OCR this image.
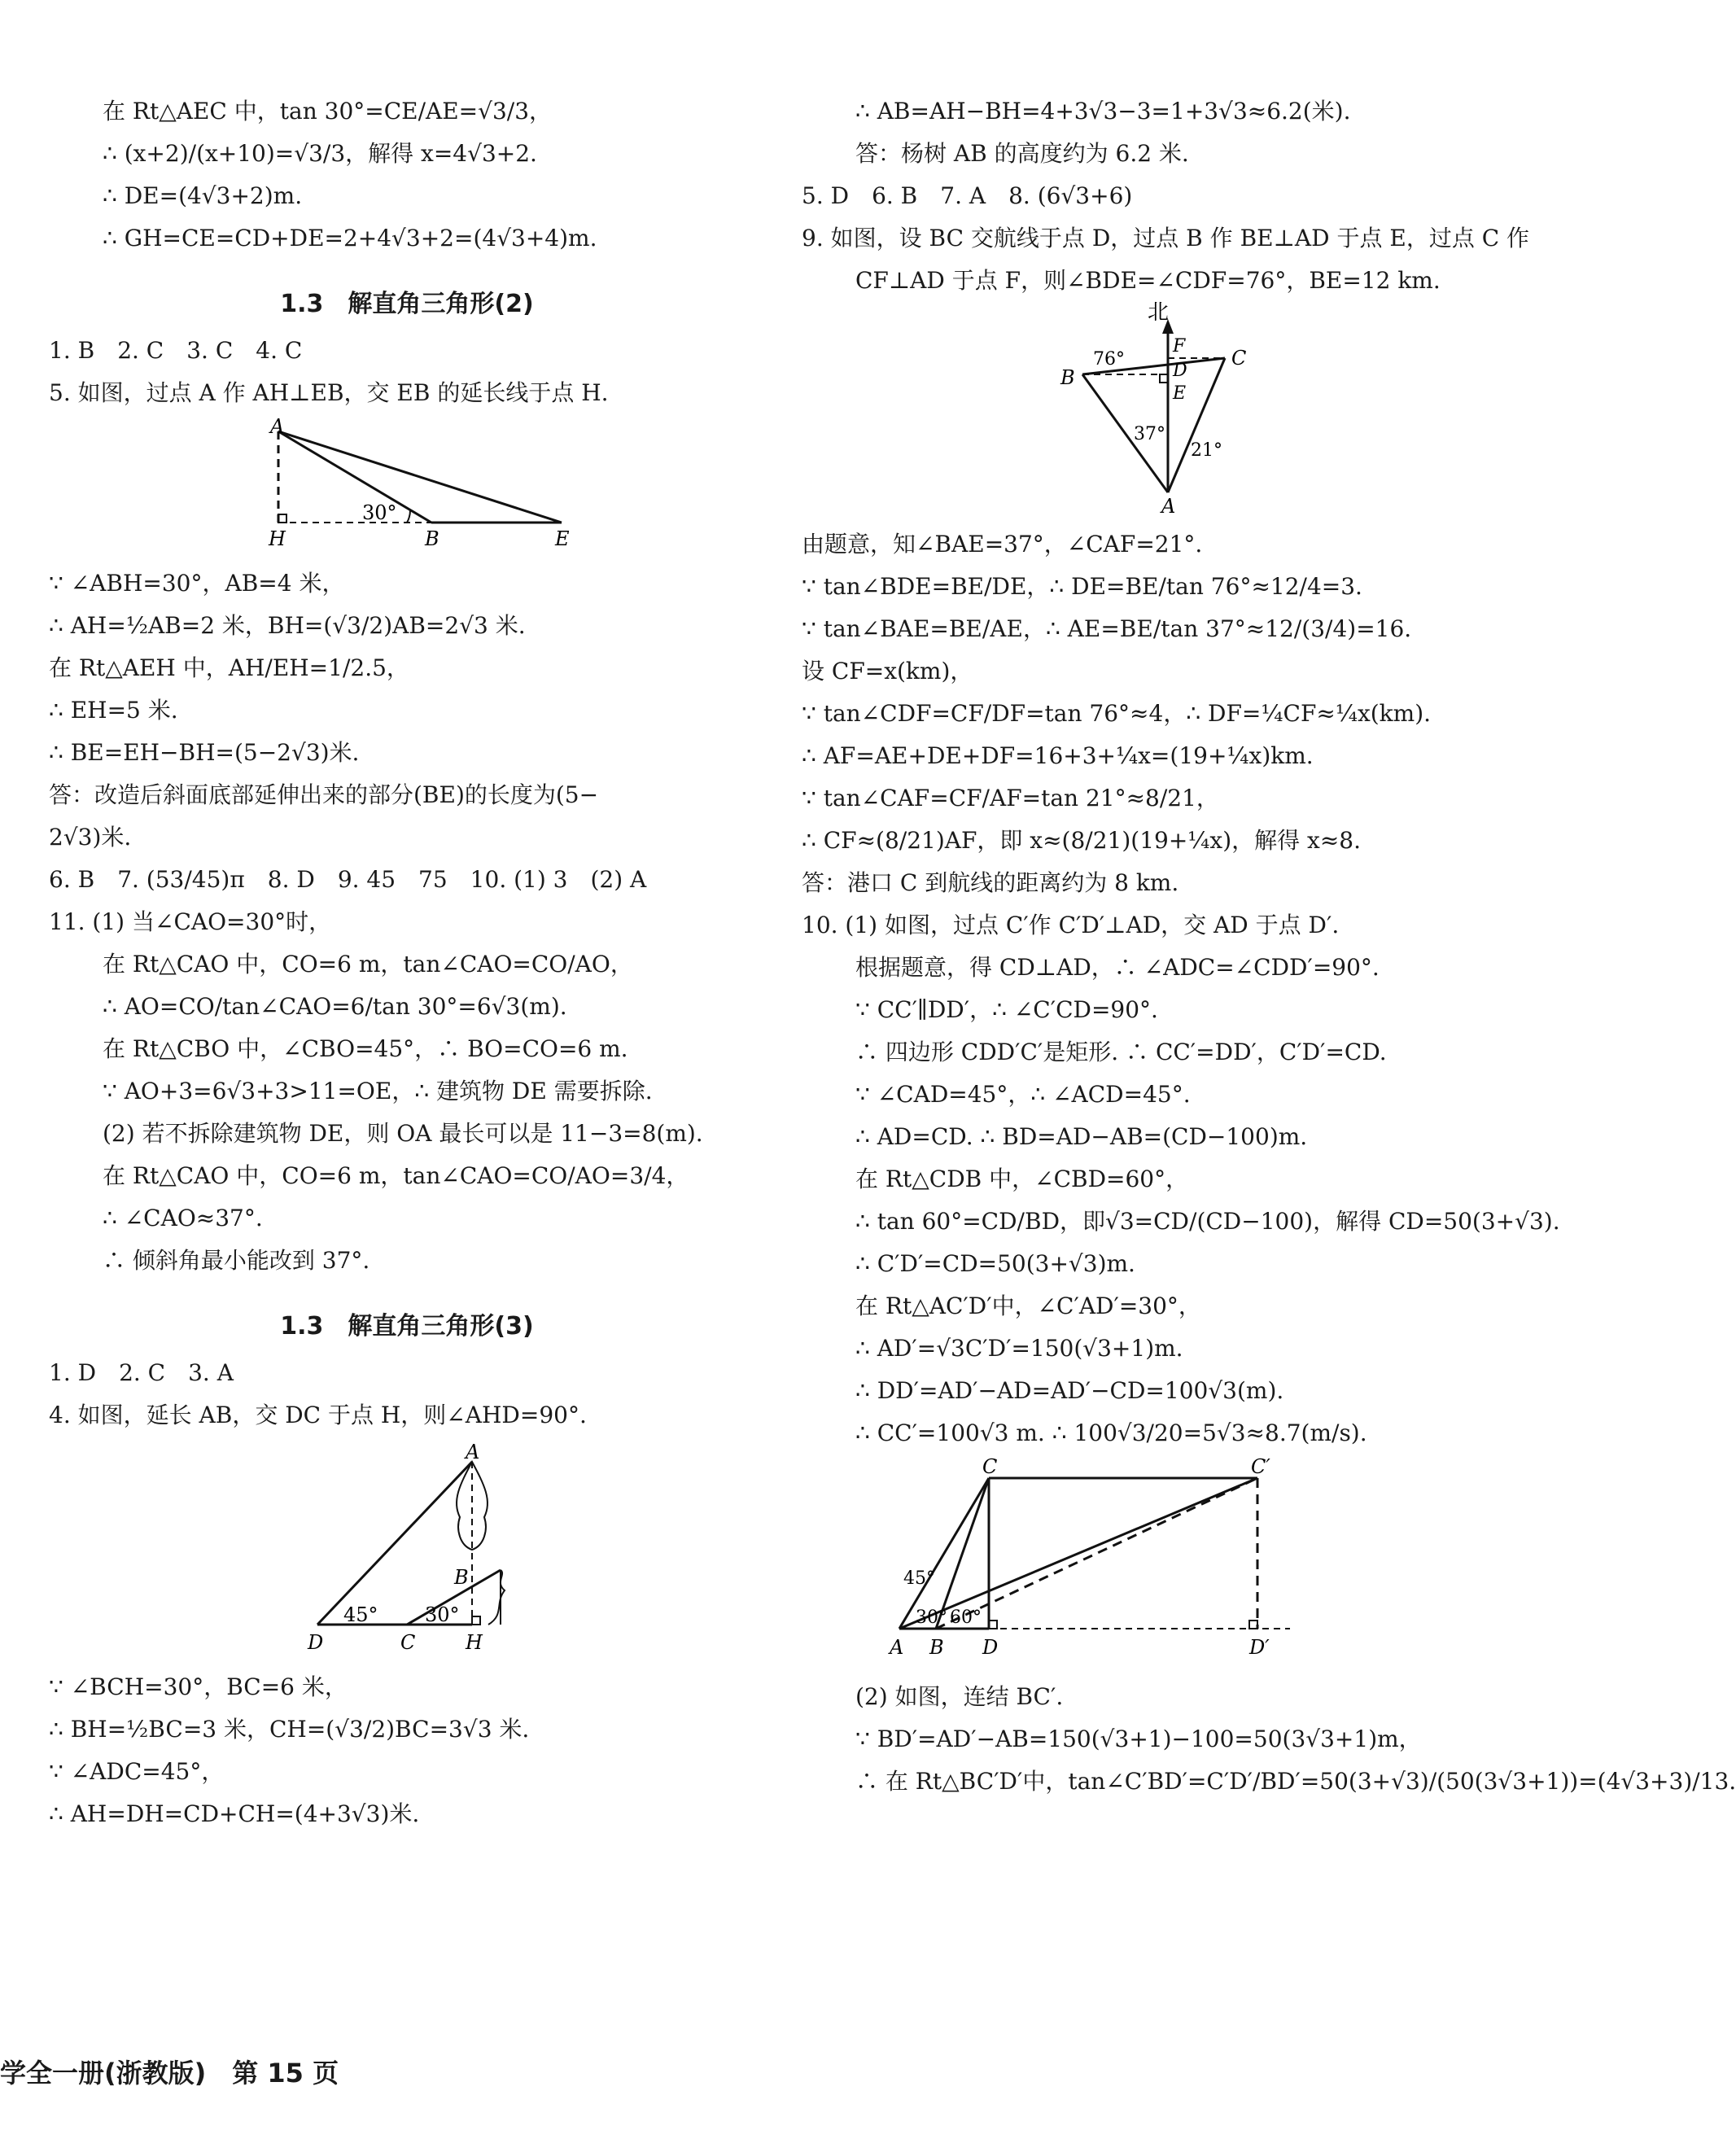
在 Rt△AEC 中，tan 30°=CE/AE=√3/3，

∴ (x+2)/(x+10)=√3/3，解得 x=4√3+2.

∴ DE=(4√3+2)m.

∴ GH=CE=CD+DE=2+4√3+2=(4√3+4)m.

1.3　解直角三角形(2)

1. B　2. C　3. C　4. C

5. 如图，过点 A 作 AH⊥EB，交 EB 的延长线于点 H.

A
H	B	E
30°

∵ ∠ABH=30°，AB=4 米，

∴ AH=½AB=2 米，BH=(√3/2)AB=2√3 米.

在 Rt△AEH 中，AH/EH=1/2.5，

∴ EH=5 米.

∴ BE=EH−BH=(5−2√3)米.

答：改造后斜面底部延伸出来的部分(BE)的长度为(5−

2√3)米.

6. B　7. (53/45)π　8. D　9. 45　75　10. (1) 3　(2) A

11. (1) 当∠CAO=30°时，

在 Rt△CAO 中，CO=6 m，tan∠CAO=CO/AO，

∴ AO=CO/tan∠CAO=6/tan 30°=6√3(m).

在 Rt△CBO 中，∠CBO=45°，∴ BO=CO=6 m.

∵ AO+3=6√3+3>11=OE，∴ 建筑物 DE 需要拆除.

(2) 若不拆除建筑物 DE，则 OA 最长可以是 11−3=8(m).

在 Rt△CAO 中，CO=6 m，tan∠CAO=CO/AO=3/4，

∴ ∠CAO≈37°.

∴ 倾斜角最小能改到 37°.

1.3　解直角三角形(3)

1. D　2. C　3. A

4. 如图，延长 AB，交 DC 于点 H，则∠AHD=90°.

A
B
D	C	H
45° 30°

∵ ∠BCH=30°，BC=6 米，

∴ BH=½BC=3 米，CH=(√3/2)BC=3√3 米.

∵ ∠ADC=45°，

∴ AH=DH=CD+CH=(4+3√3)米.

∴ AB=AH−BH=4+3√3−3=1+3√3≈6.2(米).

答：杨树 AB 的高度约为 6.2 米.

5. D　6. B　7. A　8. (6√3+6)

9. 如图，设 BC 交航线于点 D，过点 B 作 BE⊥AD 于点 E，过点 C 作

CF⊥AD 于点 F，则∠BDE=∠CDF=76°，BE=12 km.

北
F
C
B	D
E
A
76°
37°
21°

由题意，知∠BAE=37°，∠CAF=21°.

∵ tan∠BDE=BE/DE，∴ DE=BE/tan 76°≈12/4=3.

∵ tan∠BAE=BE/AE，∴ AE=BE/tan 37°≈12/(3/4)=16.

设 CF=x(km)，

∵ tan∠CDF=CF/DF=tan 76°≈4，∴ DF=¼CF≈¼x(km).

∴ AF=AE+DE+DF=16+3+¼x=(19+¼x)km.

∵ tan∠CAF=CF/AF=tan 21°≈8/21，

∴ CF≈(8/21)AF，即 x≈(8/21)(19+¼x)，解得 x≈8.

答：港口 C 到航线的距离约为 8 km.

10. (1) 如图，过点 C′作 C′D′⊥AD，交 AD 于点 D′.

根据题意，得 CD⊥AD，∴ ∠ADC=∠CDD′=90°.

∵ CC′∥DD′，∴ ∠C′CD=90°.

∴ 四边形 CDD′C′是矩形. ∴ CC′=DD′，C′D′=CD.

∵ ∠CAD=45°，∴ ∠ACD=45°.

∴ AD=CD. ∴ BD=AD−AB=(CD−100)m.

在 Rt△CDB 中，∠CBD=60°，

∴ tan 60°=CD/BD，即√3=CD/(CD−100)，解得 CD=50(3+√3).

∴ C′D′=CD=50(3+√3)m.

在 Rt△AC′D′中，∠C′AD′=30°，

∴ AD′=√3C′D′=150(√3+1)m.

∴ DD′=AD′−AD=AD′−CD=100√3(m).

∴ CC′=100√3 m. ∴ 100√3/20=5√3≈8.7(m/s).

C	C′
A B D	D′
45°
30° 60°

(2) 如图，连结 BC′.

∵ BD′=AD′−AB=150(√3+1)−100=50(3√3+1)m，

∴ 在 Rt△BC′D′中，tan∠C′BD′=C′D′/BD′=50(3+√3)/(50(3√3+1))=(4√3+3)/13.

学全一册(浙教版)　第 15 页
